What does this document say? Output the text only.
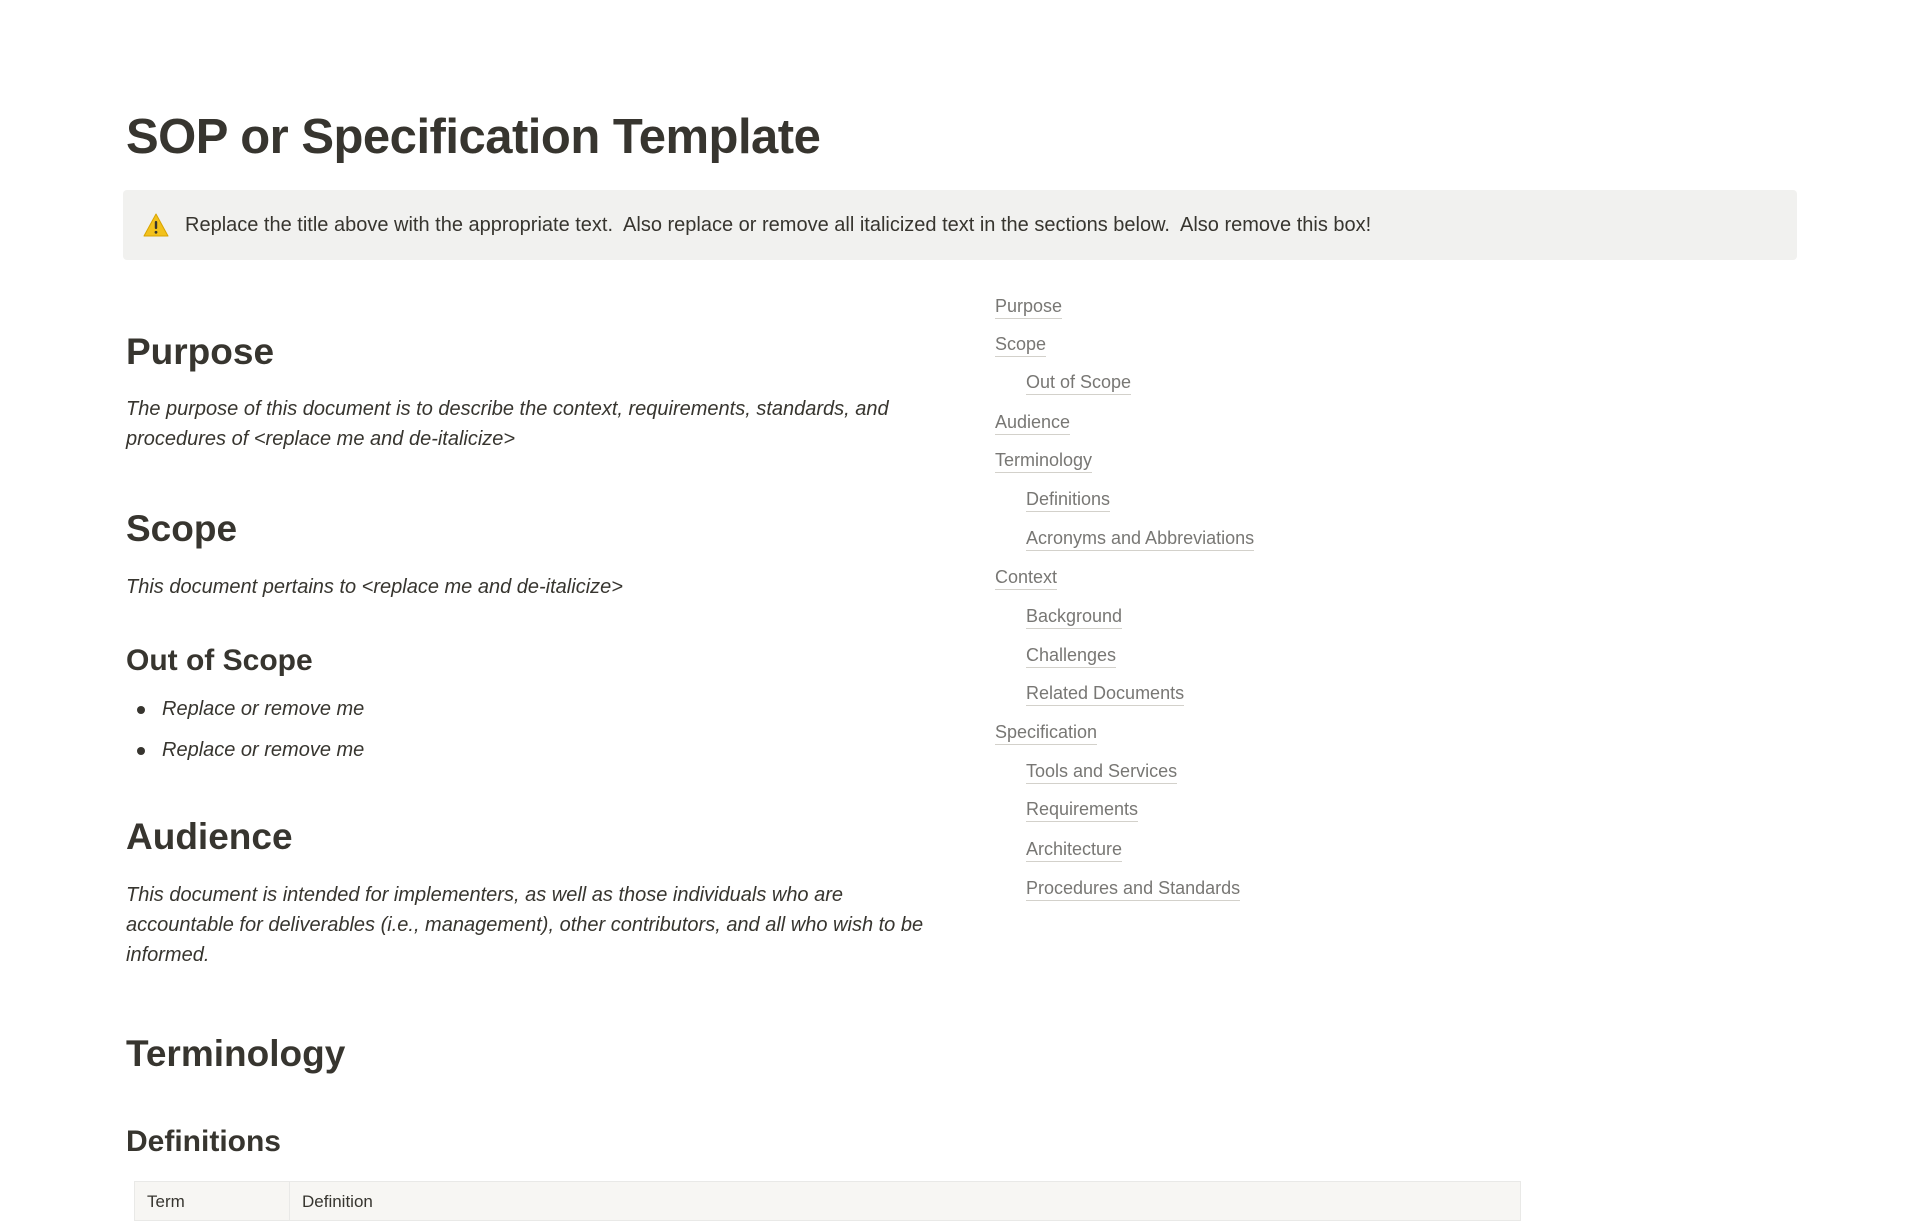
SOP or Specification Template
Replace the title above with the appropriate text.  Also replace or remove all italicized text in the sections below.  Also remove this box!
Purpose

The purpose of this document is to describe the context, requirements, standards, and procedures of <replace me and de-italicize>

Scope

This document pertains to <replace me and de-italicize>

Out of Scope
Replace or remove me
Replace or remove me
Audience

This document is intended for implementers, as well as those individuals who are accountable for deliverables (i.e., management), other contributors, and all who wish to be informed.

Terminology
Definitions
Term	Definition
Purpose
Scope
Out of Scope
Audience
Terminology
Definitions
Acronyms and Abbreviations
Context
Background
Challenges
Related Documents
Specification
Tools and Services
Requirements
Architecture
Procedures and Standards
